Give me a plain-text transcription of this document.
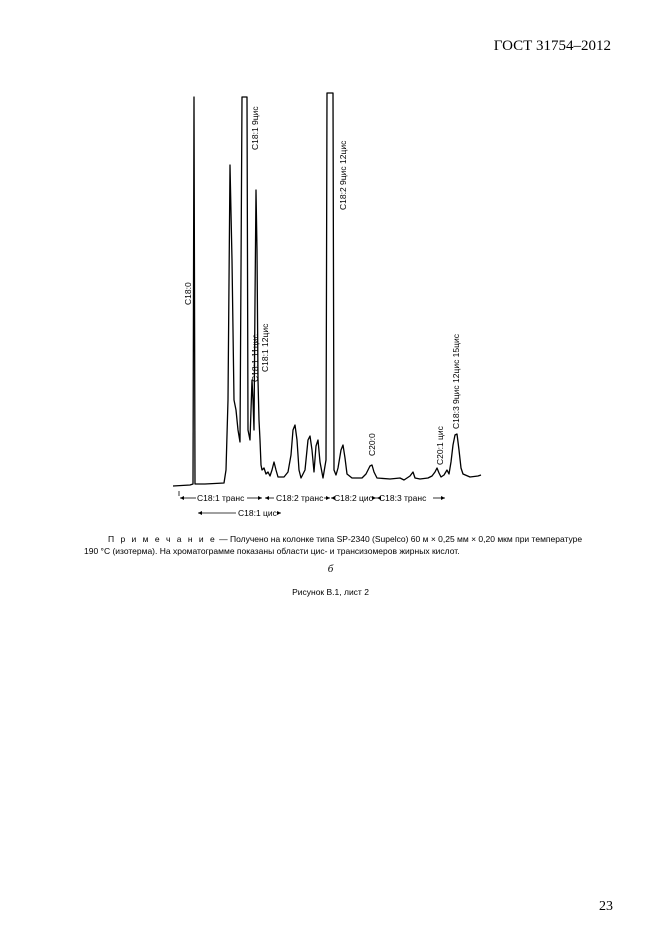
ГОСТ 31754–2012
C18:0
C18:1 9цис
C18:1 11цис C18:1 12цис
C18:2 9цис 12цис
C20:0	C20:1 цис
C18:3 9цис 12цис 15цис
C18:1 транс
C18:1 цис
C18:2 транс C18:2 цис C18:3 транс
П р и м е ч а н и е — Получено на колонке типа SP-2340 (Supelco) 60 м × 0,25 мм × 0,20 мкм при температуре 190 °С (изотерма). На хроматограмме показаны области цис- и трансизомеров жирных кислот.
б
Рисунок В.1, лист 2
23
